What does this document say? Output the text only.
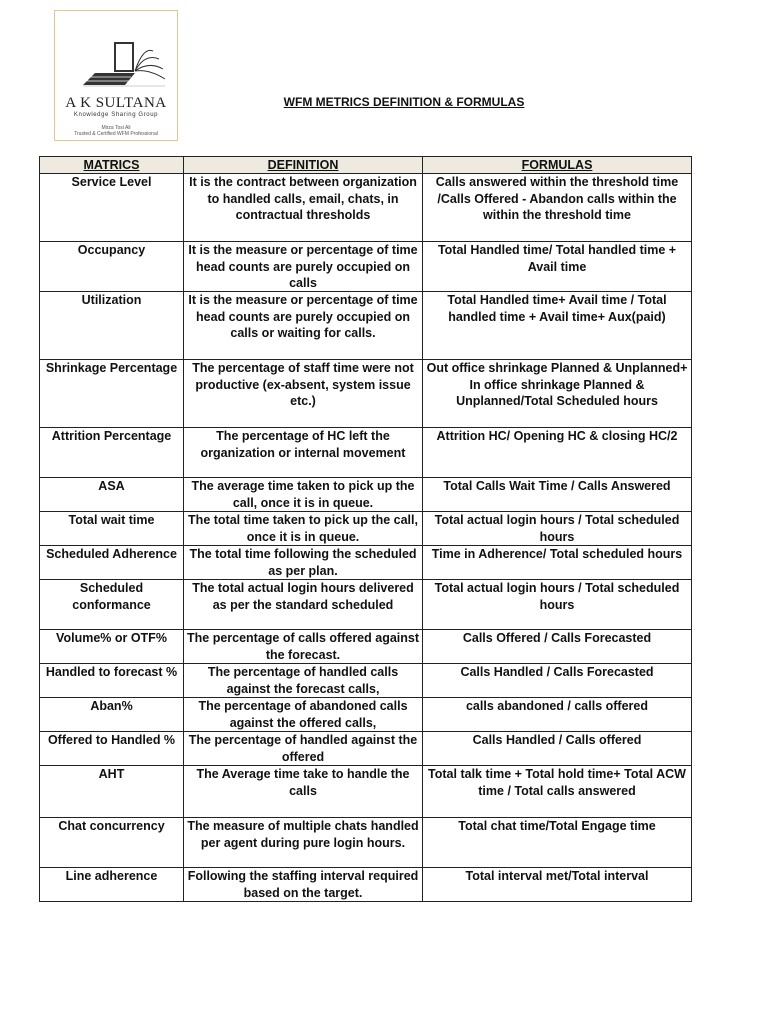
A K SULTANA
Knowledge Sharing Group
Mirza Tosi Ali
Trusted & Certified WFM Professional
WFM METRICS DEFINITION & FORMULAS
MATRICS	DEFINITION	FORMULAS
Service Level	It is the contract between organization to handled calls, email, chats, in contractual thresholds	Calls answered within the threshold time /Calls Offered - Abandon calls within the within the threshold time
Occupancy	It is the measure or percentage of time head counts are purely occupied on calls	Total Handled time/ Total handled time + Avail time
Utilization	It is the measure or percentage of time head counts are purely occupied on calls or waiting for calls.	Total Handled time+ Avail time / Total handled time + Avail time+ Aux(paid)
Shrinkage Percentage	The percentage of staff time were not productive (ex-absent, system issue etc.)	Out office shrinkage Planned & Unplanned+ In office shrinkage Planned & Unplanned/Total Scheduled hours
Attrition Percentage	The percentage of HC left the organization or internal movement	Attrition HC/ Opening HC & closing HC/2
ASA	The average time taken to pick up the call, once it is in queue.	Total Calls Wait Time / Calls Answered
Total wait time	The total time taken to pick up the call, once it is in queue.	Total actual login hours / Total scheduled hours
Scheduled Adherence	The total time following the scheduled as per plan.	Time in Adherence/ Total scheduled hours
Scheduled conformance	The total actual login hours delivered as per the standard scheduled	Total actual login hours / Total scheduled hours
Volume% or OTF%	The percentage of calls offered against the forecast.	Calls Offered / Calls Forecasted
Handled to forecast %	The percentage of handled calls against the forecast calls,	Calls Handled / Calls Forecasted
Aban%	The percentage of abandoned calls against the offered calls,	calls abandoned / calls offered
Offered to Handled %	The percentage of handled against the offered	Calls Handled / Calls offered
AHT	The Average time take to handle the calls	Total talk time + Total hold time+ Total ACW time / Total calls answered
Chat concurrency	The measure of multiple chats handled per agent during pure login hours.	Total chat time/Total Engage time
Line adherence	Following the staffing interval required based on the target.	Total interval met/Total interval
